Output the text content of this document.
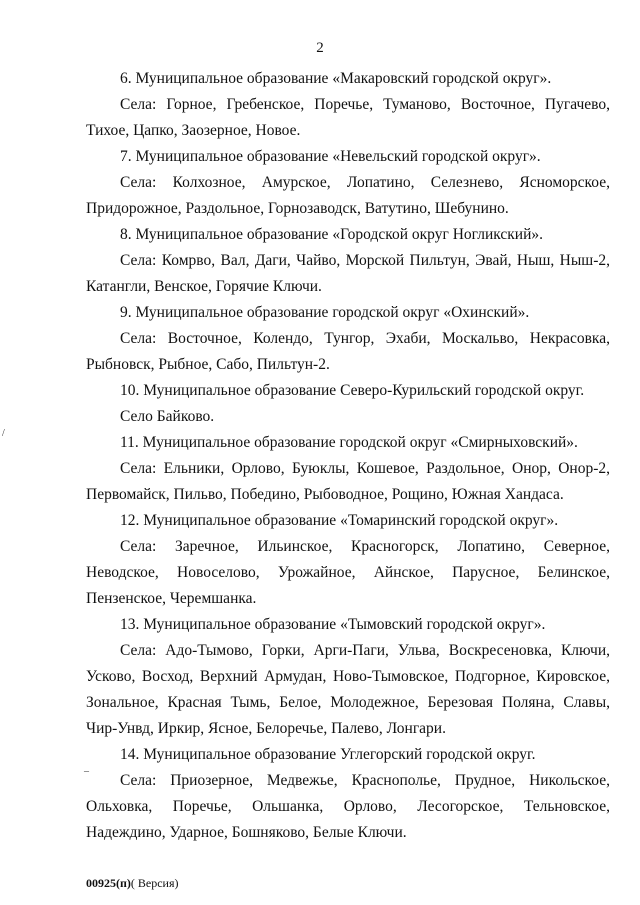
2

6. Муниципальное образование «Макаровский городской округ».

Села: Горное, Гребенское, Поречье, Туманово, Восточное, Пугачево, Тихое, Цапко, Заозерное, Новое.

7. Муниципальное образование «Невельский городской округ».

Села: Колхозное, Амурское, Лопатино, Селезнево, Ясноморское, Придорожное, Раздольное, Горнозаводск, Ватутино, Шебунино.

8. Муниципальное образование «Городской округ Ногликский».

Села: Комрво, Вал, Даги, Чайво, Морской Пильтун, Эвай, Ныш, Ныш-2, Катангли, Венское, Горячие Ключи.

9. Муниципальное образование городской округ «Охинский».

Села: Восточное, Колендо, Тунгор, Эхаби, Москальво, Некрасовка, Рыбновск, Рыбное, Сабо, Пильтун-2.

10. Муниципальное образование Северо-Курильский городской округ.

Село Байково.

11. Муниципальное образование городской округ «Смирныховский».

Села: Ельники, Орлово, Буюклы, Кошевое, Раздольное, Онор, Онор-2, Первомайск, Пильво, Победино, Рыбоводное, Рощино, Южная Хандаса.

12. Муниципальное образование «Томаринский городской округ».

Села: Заречное, Ильинское, Красногорск, Лопатино, Северное, Неводское, Новоселово, Урожайное, Айнское, Парусное, Белинское, Пензенское, Черемшанка.

13. Муниципальное образование «Тымовский городской округ».

Села: Адо-Тымово, Горки, Арги-Паги, Ульва, Воскресеновка, Ключи, Усково, Восход, Верхний Армудан, Ново-Тымовское, Подгорное, Кировское, Зональное, Красная Тымь, Белое, Молодежное, Березовая Поляна, Славы, Чир-Унвд, Иркир, Ясное, Белоречье, Палево, Лонгари.

14. Муниципальное образование Углегорский городской округ.

Села: Приозерное, Медвежье, Краснополье, Прудное, Никольское, Ольховка, Поречье, Ольшанка, Орлово, Лесогорское, Тельновское, Надеждино, Ударное, Бошняково, Белые Ключи.

/
–
00925(п)( Версия)
